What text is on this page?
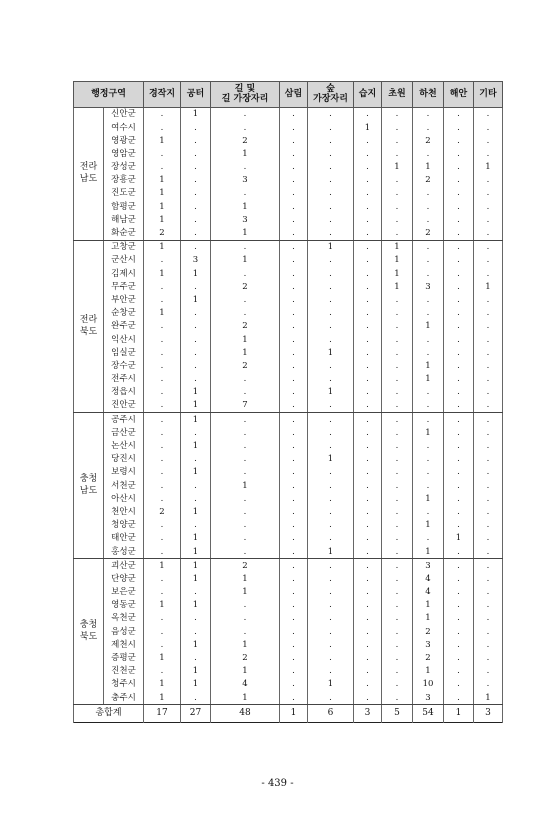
행정구역		경작지	공터	길 및
길 가장자리	삼림	숲
가장자리	습지	초원	하천	해안	기타
전라
남도	신안군	.	1	.	.	.	.	.	.	.	.
	여수시	.	.	.	.	.	1	.	.	.	.
	영광군	1	.	2	.	.	.	.	2	.	.
	영암군	.	.	1	.	.	.	.	.	.	.
	장성군	.	.	.	.	.	.	1	1	.	1
	장흥군	1	.	3	.	.	.	.	2	.	.
	진도군	1	.	.	.	.	.	.	.	.	.
	함평군	1	.	1	.	.	.	.	.	.	.
	해남군	1	.	3	.	.	.	.	.	.	.
	화순군	2	.	1	.	.	.	.	2	.	.
전라
북도	고창군	1	.	.	.	1	.	1	.	.	.
	군산시	.	3	1	.	.	.	1	.	.	.
	김제시	1	1	.	.	.	.	1	.	.	.
	무주군	.	.	2	.	.	.	1	3	.	1
	부안군	.	1	.	.	.	.	.	.	.	.
	순창군	1	.	.	.	.	.	.	.	.	.
	완주군	.	.	2	.	.	.	.	1	.	.
	익산시	.	.	1	.	.	.	.	.	.	.
	임실군	.	.	1	.	1	.	.	.	.	.
	장수군	.	.	2	.	.	.	.	1	.	.
	전주시	.	.	.	.	.	.	.	1	.	.
	정읍시	.	1	.	.	1	.	.	.	.	.
	진안군	.	1	7	.	.	.	.	.	.	.
충청
남도	공주시	.	1	.	.	.	.	.	.	.	.
	금산군	.	.	.	.	.	.	.	1	.	.
	논산시	.	1	.	.	.	.	.	.	.	.
	당진시	.	.	.	.	1	.	.	.	.	.
	보령시	.	1	.	.	.	.	.	.	.	.
	서천군	.	.	1	.	.	.	.	.	.	.
	아산시	.	.	.	.	.	.	.	1	.	.
	천안시	2	1	.	.	.	.	.	.	.	.
	청양군	.	.	.	.	.	.	.	1	.	.
	태안군	.	1	.	.	.	.	.	.	1	.
	홍성군	.	1	.	.	1	.	.	1	.	.
충청
북도	괴산군	1	1	2	.	.	.	.	3	.	.
	단양군	.	1	1	.	.	.	.	4	.	.
	보은군	.	.	1	.	.	.	.	4	.	.
	영동군	1	1	.	.	.	.	.	1	.	.
	옥천군	.	.	.	.	.	.	.	1	.	.
	음성군	.	.	.	.	.	.	.	2	.	.
	제천시	.	1	1	.	.	.	.	3	.	.
	증평군	1	.	2	.	.	.	.	2	.	.
	진천군	.	1	1	.	.	.	.	1	.	.
	청주시	1	1	4	.	1	.	.	10	.	.
	충주시	1	.	1	.	.	.	.	3	.	1
총합계		17	27	48	1	6	3	5	54	1	3
- 439 -
